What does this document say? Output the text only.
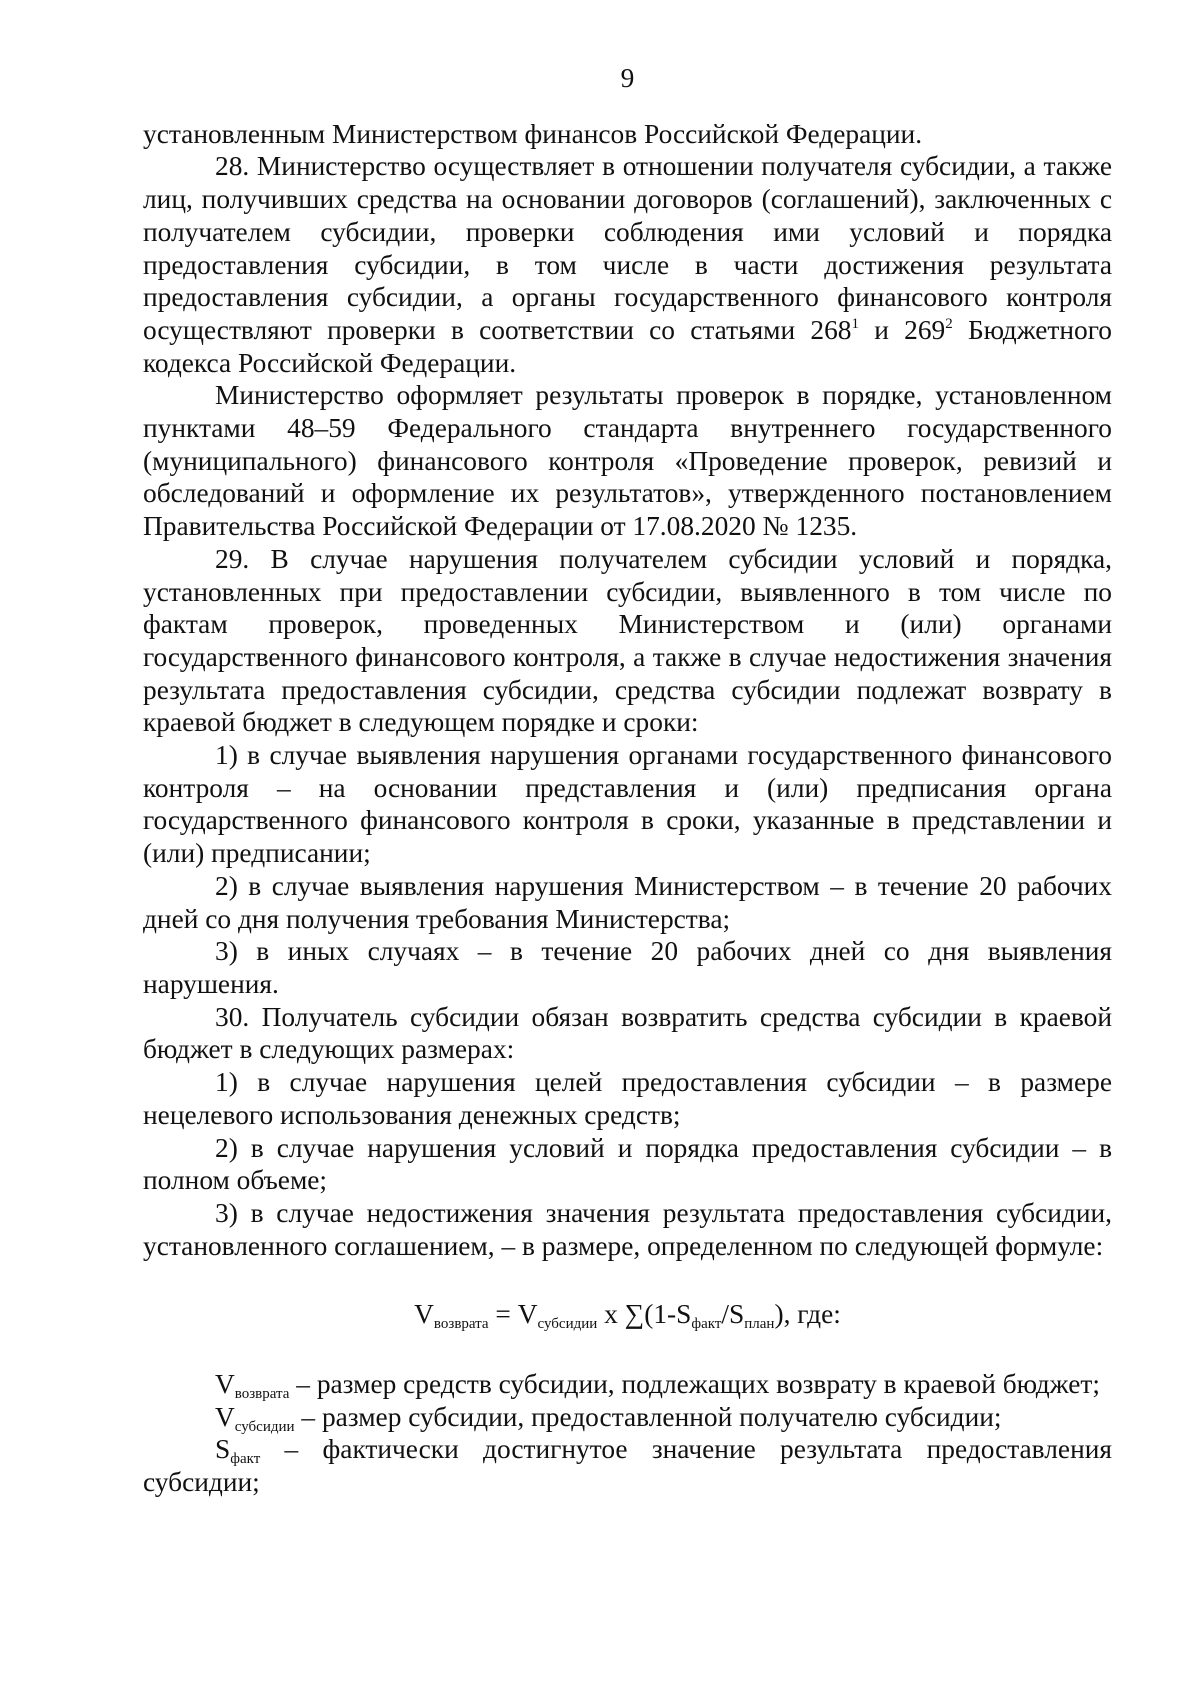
9

установленным Министерством финансов Российской Федерации.

28. Министерство осуществляет в отношении получателя субсидии, а также лиц, получивших средства на основании договоров (соглашений), заключенных с получателем субсидии, проверки соблюдения ими условий и порядка предоставления субсидии, в том числе в части достижения результата предоставления субсидии, а органы государственного финансового контроля осуществляют проверки в соответствии со статьями $268^1$ и $269^2$ Бюджетного кодекса Российской Федерации.

Министерство оформляет результаты проверок в порядке, установленном пунктами 48–59 Федерального стандарта внутреннего государственного (муниципального) финансового контроля «Проведение проверок, ревизий и обследований и оформление их результатов», утвержденного постановлением Правительства Российской Федерации от 17.08.2020 № 1235.

29. В случае нарушения получателем субсидии условий и порядка, установленных при предоставлении субсидии, выявленного в том числе по фактам проверок, проведенных Министерством и (или) органами государственного финансового контроля, а также в случае недостижения значения результата предоставления субсидии, средства субсидии подлежат возврату в краевой бюджет в следующем порядке и сроки:

1) в случае выявления нарушения органами государственного финансового контроля – на основании представления и (или) предписания органа государственного финансового контроля в сроки, указанные в представлении и (или) предписании;

2) в случае выявления нарушения Министерством – в течение 20 рабочих дней со дня получения требования Министерства;

3) в иных случаях – в течение 20 рабочих дней со дня выявления нарушения.

30. Получатель субсидии обязан возвратить средства субсидии в краевой бюджет в следующих размерах:

1) в случае нарушения целей предоставления субсидии – в размере нецелевого использования денежных средств;

2) в случае нарушения условий и порядка предоставления субсидии – в полном объеме;

3) в случае недостижения значения результата предоставления субсидии, установленного соглашением, – в размере, определенном по следующей формуле:

$V_{возврата} = V_{субсидии}$ x $\sum(1-S_{факт}/S_{план})$, где:

$V_{возврата}$ – размер средств субсидии, подлежащих возврату в краевой бюджет;

$V_{субсидии}$ – размер субсидии, предоставленной получателю субсидии;

$S_{факт}$ – фактически достигнутое значение результата предоставления субсидии;
